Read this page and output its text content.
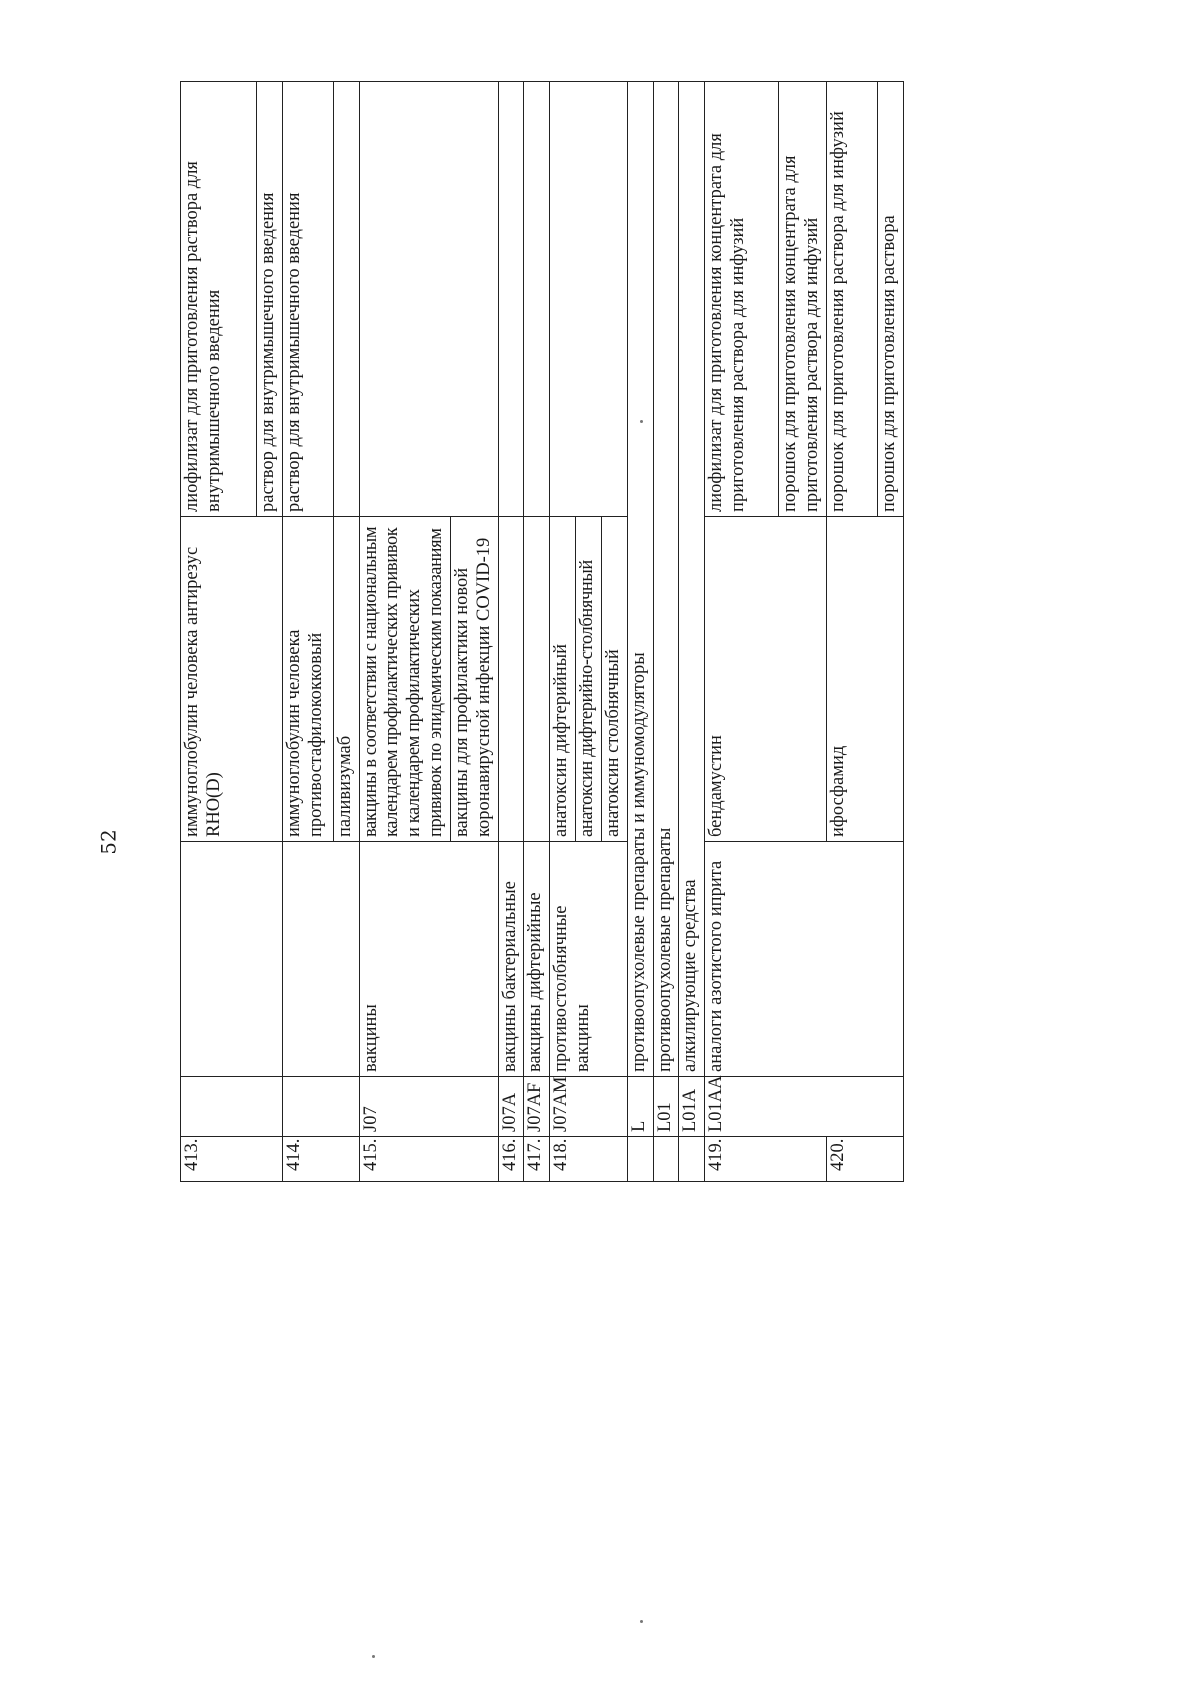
52
413.			иммуноглобулин человека антирезус RHO(D)	лиофилизат для приготовления раствора для внутримышечного введения
				раствор для внутримышечного введения
414.			иммуноглобулин человека противостафилококковый	раствор для внутримышечного введения
			паливизумаб	
415.	J07	вакцины	вакцины в соответствии с национальным календарем профилактических прививок и календарем профилактических прививок по эпидемическим показаниям	
			вакцины для профилактики новой коронавирусной инфекции COVID-19	
416.	J07A	вакцины бактериальные		
417.	J07AF	вакцины дифтерийные		
418.	J07AM	противостолбнячные вакцины	анатоксин дифтерийный	
			анатоксин дифтерийно-столбнячный	
			анатоксин столбнячный	
	L	противоопухолевые препараты и иммуномодуляторы		
	L01	противоопухолевые препараты		
	L01A	алкилирующие средства		
419.	L01AA	аналоги азотистого иприта	бендамустин	лиофилизат для приготовления концентрата для приготовления раствора для инфузий
				порошок для приготовления концентрата для приготовления раствора для инфузий
420.			ифосфамид	порошок для приготовления раствора для инфузий
				порошок для приготовления раствора
